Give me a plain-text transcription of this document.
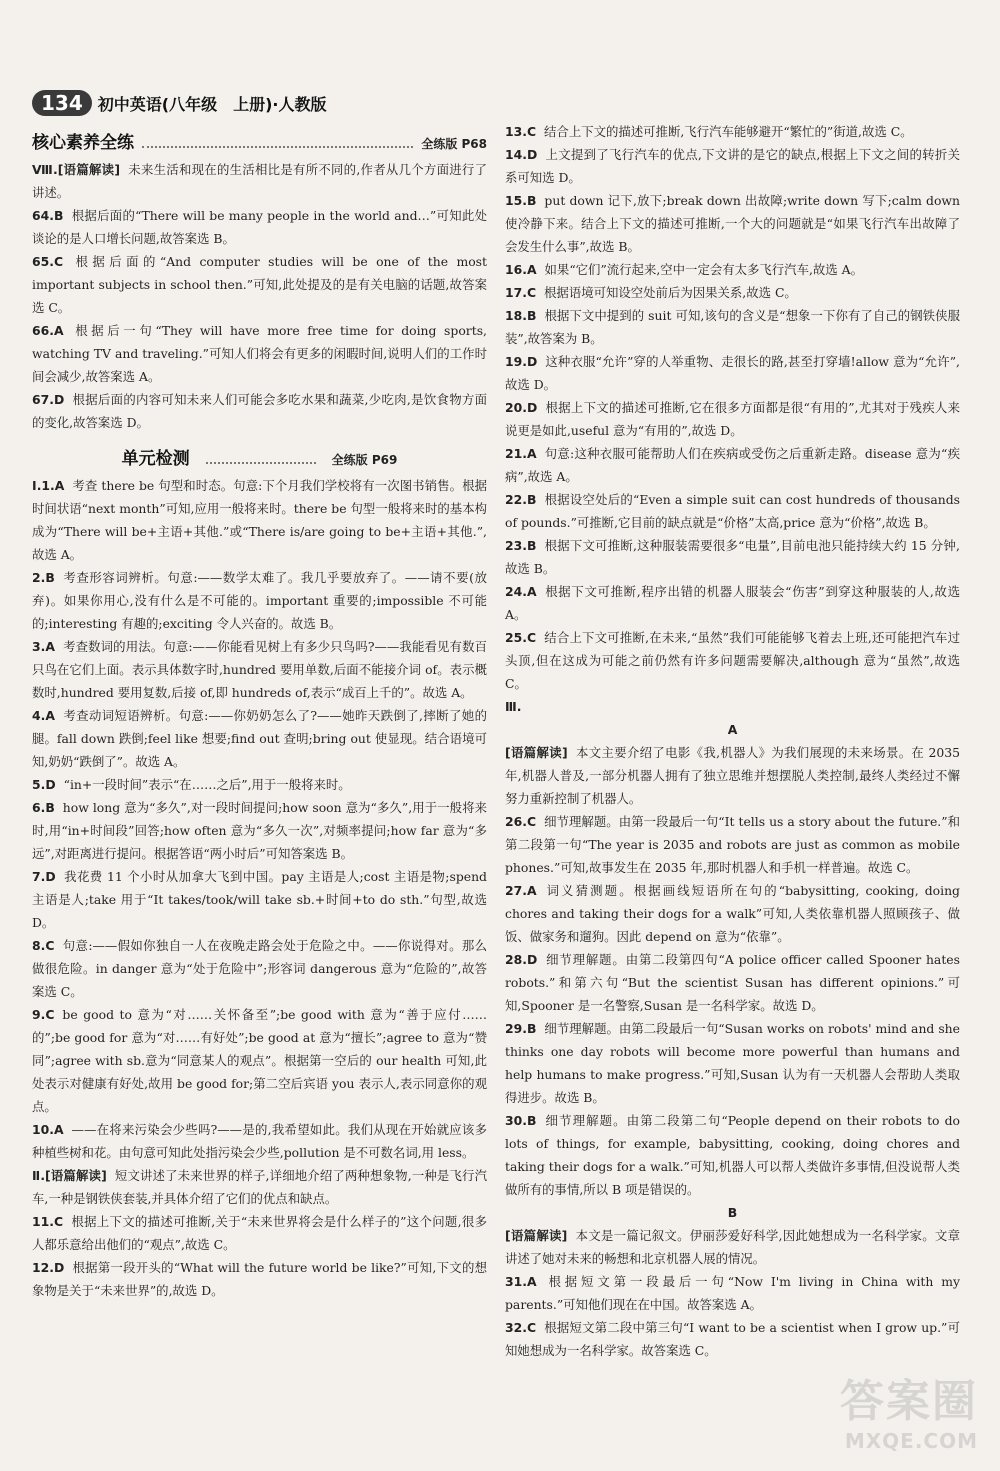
134 初中英语(八年级　上册)·人教版
核心素养全练	全练版 P68

Ⅷ.[语篇解读] 未来生活和现在的生活相比是有所不同的,作者从几个方面进行了讲述。

64.B 根据后面的“There will be many people in the world and…”可知此处谈论的是人口增长问题,故答案选 B。

65.C 根据后面的“And computer studies will be one of the most important subjects in school then.”可知,此处提及的是有关电脑的话题,故答案选 C。

66.A 根据后一句“They will have more free time for doing sports, watching TV and traveling.”可知人们将会有更多的闲暇时间,说明人们的工作时间会减少,故答案选 A。

67.D 根据后面的内容可知未来人们可能会多吃水果和蔬菜,少吃肉,是饮食物方面的变化,故答案选 D。

单元检测	全练版 P69

Ⅰ.1.A 考查 there be 句型和时态。句意:下个月我们学校将有一次图书销售。根据时间状语“next month”可知,应用一般将来时。there be 句型一般将来时的基本构成为“There will be+主语+其他.”或“There is/are going to be+主语+其他.”,故选 A。

2.B 考查形容词辨析。句意:——数学太难了。我几乎要放弃了。——请不要(放弃)。如果你用心,没有什么是不可能的。important 重要的;impossible 不可能的;interesting 有趣的;exciting 令人兴奋的。故选 B。

3.A 考查数词的用法。句意:——你能看见树上有多少只鸟吗?——我能看见有数百只鸟在它们上面。表示具体数字时,hundred 要用单数,后面不能接介词 of。表示概数时,hundred 要用复数,后接 of,即 hundreds of,表示“成百上千的”。故选 A。

4.A 考查动词短语辨析。句意:——你奶奶怎么了?——她昨天跌倒了,摔断了她的腿。fall down 跌倒;feel like 想要;find out 查明;bring out 使显现。结合语境可知,奶奶“跌倒了”。故选 A。

5.D “in+一段时间”表示“在……之后”,用于一般将来时。

6.B how long 意为“多久”,对一段时间提问;how soon 意为“多久”,用于一般将来时,用“in+时间段”回答;how often 意为“多久一次”,对频率提问;how far 意为“多远”,对距离进行提问。根据答语“两小时后”可知答案选 B。

7.D 我花费 11 个小时从加拿大飞到中国。pay 主语是人;cost 主语是物;spend 主语是人;take 用于“It takes/took/will take sb.+时间+to do sth.”句型,故选 D。

8.C 句意:——假如你独自一人在夜晚走路会处于危险之中。——你说得对。那么做很危险。in danger 意为“处于危险中”;形容词 dangerous 意为“危险的”,故答案选 C。

9.C be good to 意为“对……关怀备至”;be good with 意为“善于应付……的”;be good for 意为“对……有好处”;be good at 意为“擅长”;agree to 意为“赞同”;agree with sb.意为“同意某人的观点”。根据第一空后的 our health 可知,此处表示对健康有好处,故用 be good for;第二空后宾语 you 表示人,表示同意你的观点。

10.A ——在将来污染会少些吗?——是的,我希望如此。我们从现在开始就应该多种植些树和花。由句意可知此处指污染会少些,pollution 是不可数名词,用 less。

Ⅱ.[语篇解读] 短文讲述了未来世界的样子,详细地介绍了两种想象物,一种是飞行汽车,一种是钢铁侠套装,并具体介绍了它们的优点和缺点。

11.C 根据上下文的描述可推断,关于“未来世界将会是什么样子的”这个问题,很多人都乐意给出他们的“观点”,故选 C。

12.D 根据第一段开头的“What will the future world be like?”可知,下文的想象物是关于“未来世界”的,故选 D。

13.C 结合上下文的描述可推断,飞行汽车能够避开“繁忙的”街道,故选 C。

14.D 上文提到了飞行汽车的优点,下文讲的是它的缺点,根据上下文之间的转折关系可知选 D。

15.B put down 记下,放下;break down 出故障;write down 写下;calm down 使冷静下来。结合上下文的描述可推断,一个大的问题就是“如果飞行汽车出故障了会发生什么事”,故选 B。

16.A 如果“它们”流行起来,空中一定会有太多飞行汽车,故选 A。

17.C 根据语境可知设空处前后为因果关系,故选 C。

18.B 根据下文中提到的 suit 可知,该句的含义是“想象一下你有了自己的钢铁侠服装”,故答案为 B。

19.D 这种衣服“允许”穿的人举重物、走很长的路,甚至打穿墙!allow 意为“允许”,故选 D。

20.D 根据上下文的描述可推断,它在很多方面都是很“有用的”,尤其对于残疾人来说更是如此,useful 意为“有用的”,故选 D。

21.A 句意:这种衣服可能帮助人们在疾病或受伤之后重新走路。disease 意为“疾病”,故选 A。

22.B 根据设空处后的“Even a simple suit can cost hundreds of thousands of pounds.”可推断,它目前的缺点就是“价格”太高,price 意为“价格”,故选 B。

23.B 根据下文可推断,这种服装需要很多“电量”,目前电池只能持续大约 15 分钟,故选 B。

24.A 根据下文可推断,程序出错的机器人服装会“伤害”到穿这种服装的人,故选 A。

25.C 结合上下文可推断,在未来,“虽然”我们可能能够飞着去上班,还可能把汽车过头顶,但在这成为可能之前仍然有许多问题需要解决,although 意为“虽然”,故选 C。

Ⅲ.

A

[语篇解读] 本文主要介绍了电影《我,机器人》为我们展现的未来场景。在 2035 年,机器人普及,一部分机器人拥有了独立思维并想摆脱人类控制,最终人类经过不懈努力重新控制了机器人。

26.C 细节理解题。由第一段最后一句“It tells us a story about the future.”和第二段第一句“The year is 2035 and robots are just as common as mobile phones.”可知,故事发生在 2035 年,那时机器人和手机一样普遍。故选 C。

27.A 词义猜测题。根据画线短语所在句的“babysitting, cooking, doing chores and taking their dogs for a walk”可知,人类依靠机器人照顾孩子、做饭、做家务和遛狗。因此 depend on 意为“依靠”。

28.D 细节理解题。由第二段第四句“A police officer called Spooner hates robots.”和第六句“But the scientist Susan has different opinions.”可知,Spooner 是一名警察,Susan 是一名科学家。故选 D。

29.B 细节理解题。由第二段最后一句“Susan works on robots' mind and she thinks one day robots will become more powerful than humans and help humans to make progress.”可知,Susan 认为有一天机器人会帮助人类取得进步。故选 B。

30.B 细节理解题。由第二段第二句“People depend on their robots to do lots of things, for example, babysitting, cooking, doing chores and taking their dogs for a walk.”可知,机器人可以帮人类做许多事情,但没说帮人类做所有的事情,所以 B 项是错误的。

B

[语篇解读] 本文是一篇记叙文。伊丽莎爱好科学,因此她想成为一名科学家。文章讲述了她对未来的畅想和北京机器人展的情况。

31.A 根据短文第一段最后一句“Now I'm living in China with my parents.”可知他们现在在中国。故答案选 A。

32.C 根据短文第二段中第三句“I want to be a scientist when I grow up.”可知她想成为一名科学家。故答案选 C。

答案圈
MXQE.COM
